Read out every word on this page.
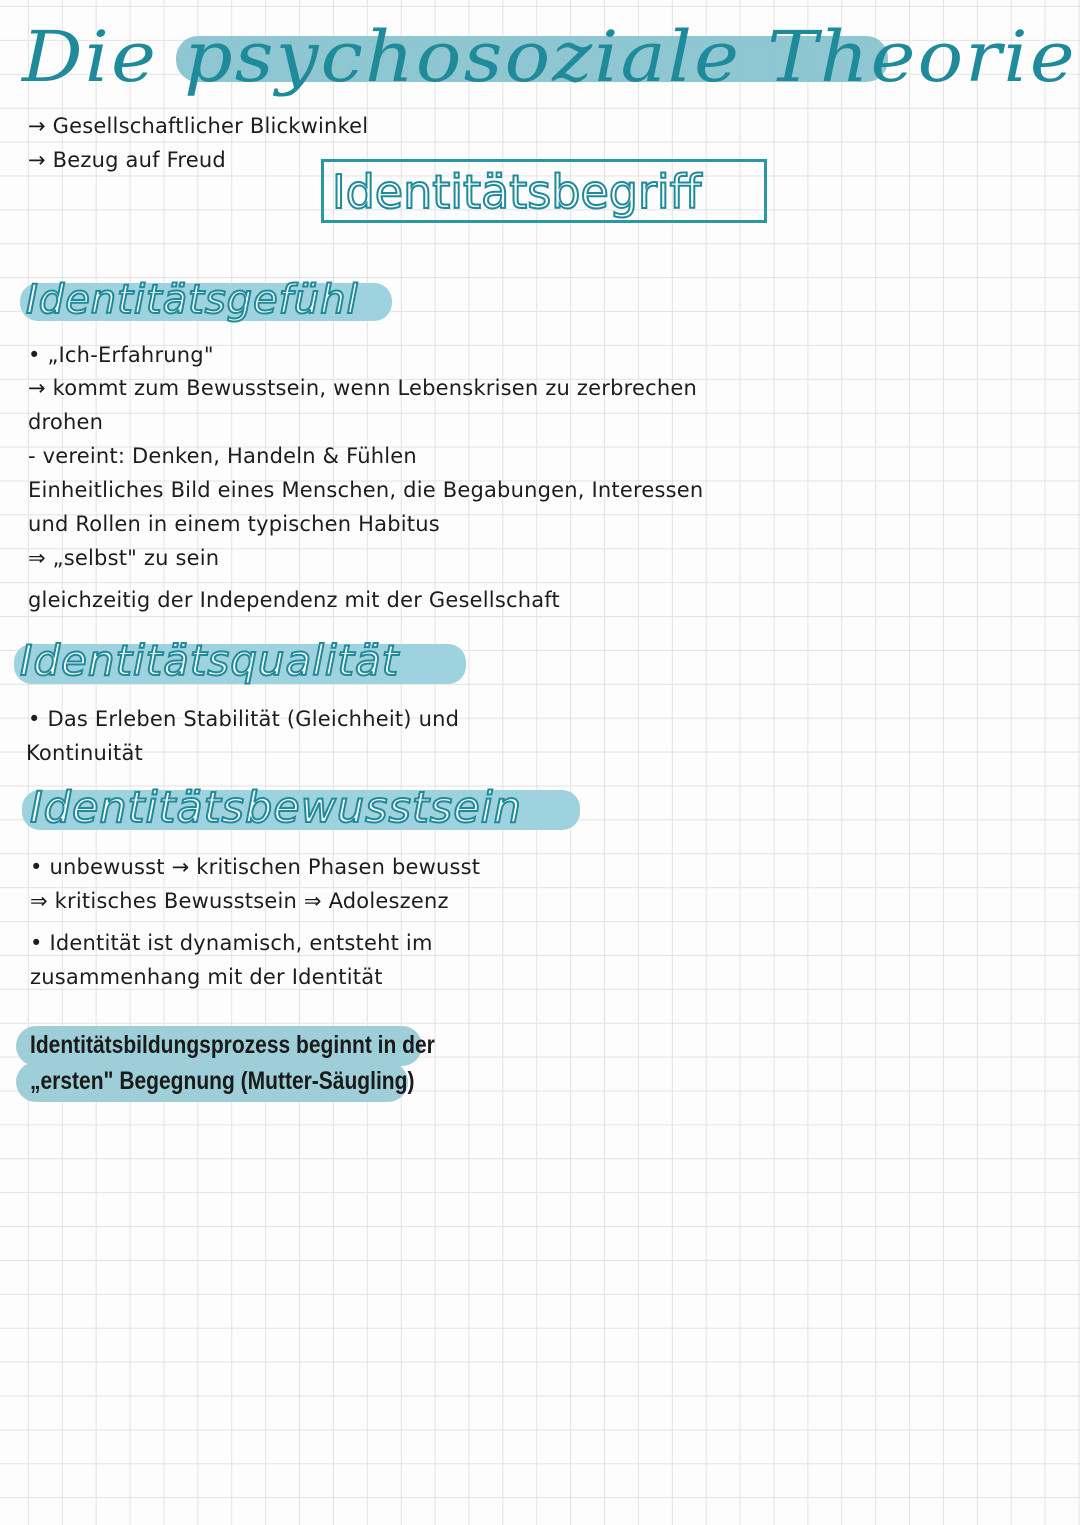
Die psychosoziale Theorie
→ Gesellschaftlicher Blickwinkel
→ Bezug auf Freud
Identitätsbegriff
Identitätsgefühl
• „Ich-Erfahrung"
→ kommt zum Bewusstsein, wenn Lebenskrisen zu zerbrechen
drohen
- vereint: Denken, Handeln & Fühlen
Einheitliches Bild eines Menschen, die Begabungen, Interessen
und Rollen in einem typischen Habitus
⇒ „selbst" zu sein
gleichzeitig der Independenz mit der Gesellschaft
Identitätsqualität
• Das Erleben Stabilität (Gleichheit) und
Kontinuität
Identitätsbewusstsein
• unbewusst → kritischen Phasen bewusst
⇒ kritisches Bewusstsein ⇒ Adoleszenz
• Identität ist dynamisch, entsteht im
zusammenhang mit der Identität
Identitätsbildungsprozess beginnt in der
„ersten" Begegnung (Mutter-Säugling)
